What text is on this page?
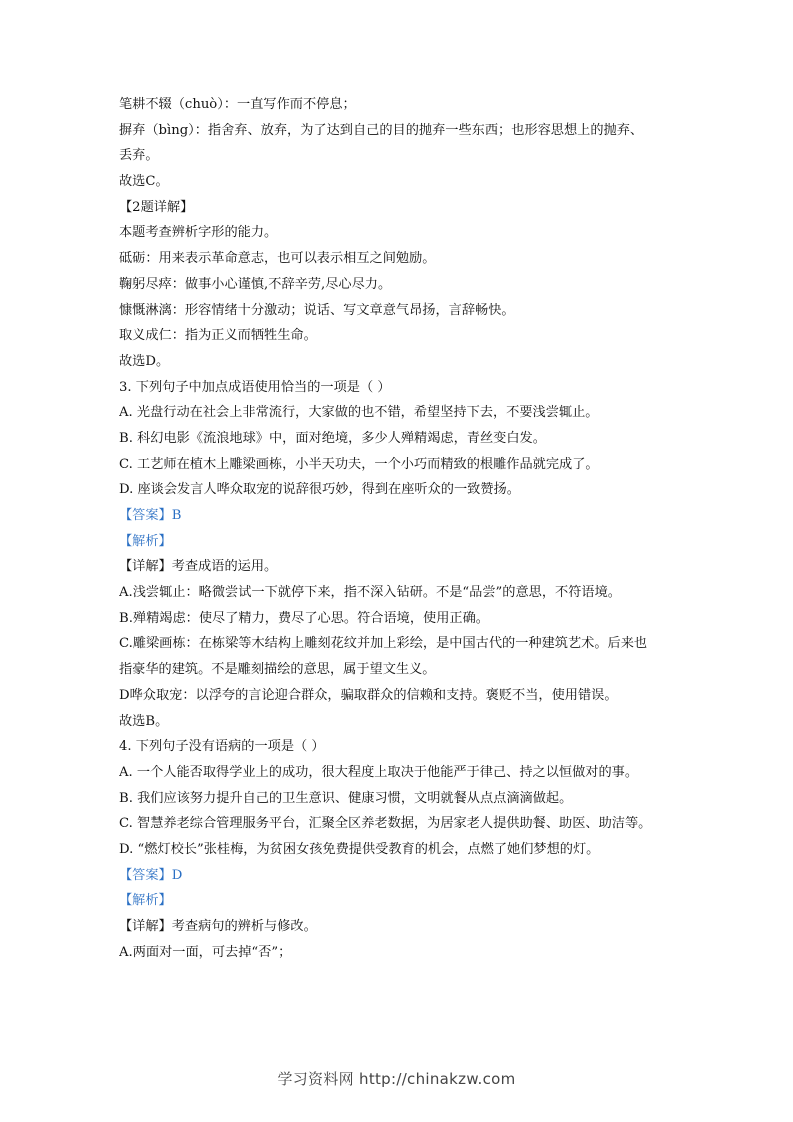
笔耕不辍（chuò）：一直写作而不停息；
摒弃（bìng）：指舍弃、放弃，为了达到自己的目的抛弃一些东西；也形容思想上的抛弃、
丢弃。
故选C。
【2题详解】
本题考查辨析字形的能力。
砥砺：用来表示革命意志，也可以表示相互之间勉励。
鞠躬尽瘁：做事小心谨慎,不辞辛劳,尽心尽力。
慷慨淋漓：形容情绪十分激动；说话、写文章意气昂扬，言辞畅快。
取义成仁：指为正义而牺牲生命。
故选D。
3. 下列句子中加点成语使用恰当的一项是（ ）
A. 光盘行动在社会上非常流行，大家做的也不错，希望坚持下去，不要浅尝辄止。
B. 科幻电影《流浪地球》中，面对绝境，多少人殚精竭虑，青丝变白发。
C. 工艺师在植木上雕梁画栋，小半天功夫，一个小巧而精致的根雕作品就完成了。
D. 座谈会发言人哗众取宠的说辞很巧妙，得到在座听众的一致赞扬。
【答案】B
【解析】
【详解】考查成语的运用。
A.浅尝辄止：略微尝试一下就停下来，指不深入钻研。不是“品尝”的意思，不符语境。
B.殚精竭虑：使尽了精力，费尽了心思。符合语境，使用正确。
C.雕梁画栋：在栋梁等木结构上雕刻花纹并加上彩绘，是中国古代的一种建筑艺术。后来也
指豪华的建筑。不是雕刻描绘的意思，属于望文生义。
D哗众取宠：以浮夸的言论迎合群众，骗取群众的信赖和支持。褒贬不当，使用错误。
故选B。
4. 下列句子没有语病的一项是（ ）
A. 一个人能否取得学业上的成功，很大程度上取决于他能严于律己、持之以恒做对的事。
B. 我们应该努力提升自己的卫生意识、健康习惯，文明就餐从点点滴滴做起。
C. 智慧养老综合管理服务平台，汇聚全区养老数据，为居家老人提供助餐、助医、助洁等。
D. “燃灯校长”张桂梅，为贫困女孩免费提供受教育的机会，点燃了她们梦想的灯。
【答案】D
【解析】
【详解】考查病句的辨析与修改。
A.两面对一面，可去掉“否”；
学习资料网 http://chinakzw.com
